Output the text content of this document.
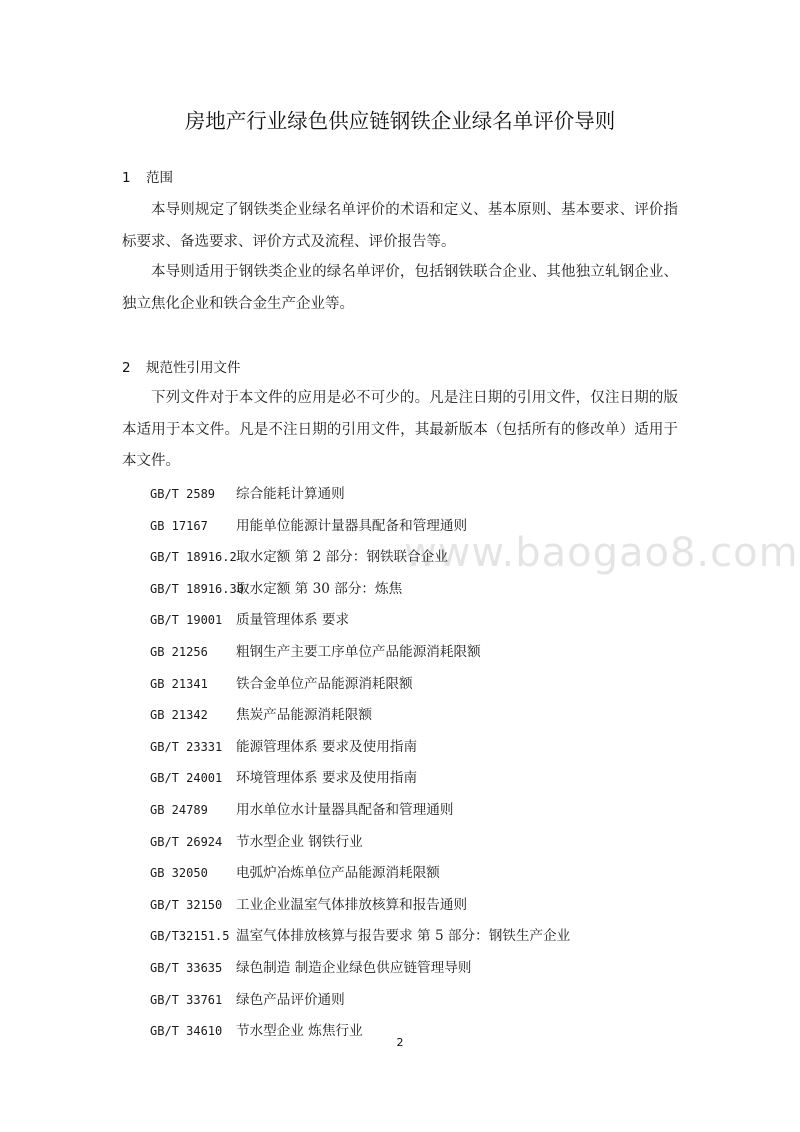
房地产行业绿色供应链钢铁企业绿名单评价导则
1 范围

本导则规定了钢铁类企业绿名单评价的术语和定义、基本原则、基本要求、评价指标要求、备选要求、评价方式及流程、评价报告等。

本导则适用于钢铁类企业的绿名单评价，包括钢铁联合企业、其他独立轧钢企业、独立焦化企业和铁合金生产企业等。

2 规范性引用文件

下列文件对于本文件的应用是必不可少的。凡是注日期的引用文件，仅注日期的版本适用于本文件。凡是不注日期的引用文件，其最新版本（包括所有的修改单）适用于本文件。

GB/T 2589 综合能耗计算通则
GB 17167 用能单位能源计量器具配备和管理通则
GB/T 18916.2取水定额 第 2 部分：钢铁联合企业
GB/T 18916.30取水定额 第 30 部分：炼焦
GB/T 19001 质量管理体系 要求
GB 21256 粗钢生产主要工序单位产品能源消耗限额
GB 21341 铁合金单位产品能源消耗限额
GB 21342 焦炭产品能源消耗限额
GB/T 23331 能源管理体系 要求及使用指南
GB/T 24001 环境管理体系 要求及使用指南
GB 24789 用水单位水计量器具配备和管理通则
GB/T 26924 节水型企业 钢铁行业
GB 32050 电弧炉冶炼单位产品能源消耗限额
GB/T 32150 工业企业温室气体排放核算和报告通则
GB/T32151.5 温室气体排放核算与报告要求 第 5 部分：钢铁生产企业
GB/T 33635 绿色制造 制造企业绿色供应链管理导则
GB/T 33761 绿色产品评价通则
GB/T 34610 节水型企业 炼焦行业
www.baogao8.com
2
